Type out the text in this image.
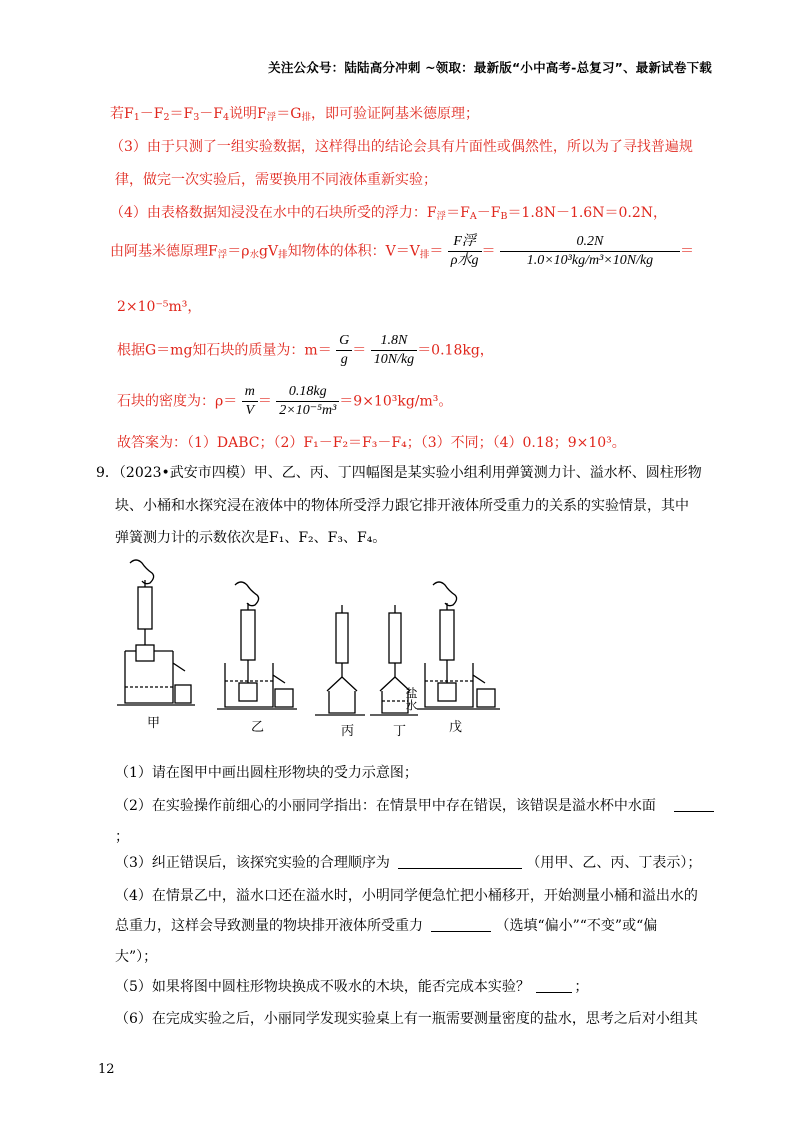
关注公众号：陆陆高分冲刺 ~领取：最新版“小中高考-总复习”、最新试卷下载
若$F_1-F_2=F_3-F_4$说明$F_浮=G_排$，即可验证阿基米德原理；
（3）由于只测了一组实验数据，这样得出的结论会具有片面性或偶然性，所以为了寻找普遍规
律，做完一次实验后，需要换用不同液体重新实验；
（4）由表格数据知浸没在水中的石块所受的浮力：$F_浮=F_A-F_B=1.8N-1.6N=0.2N$，
由阿基米德原理$F_浮=\rho_水gV_排$知物体的体积：$V=V_排= \frac{\text{F浮}}{\text{ρ水g}} = \frac{0.2N}{\text{1.0×10³kg/m³×10N/kg}}$ ＝
2×10⁻⁵m³，
根据G＝mg知石块的质量为：$m= \frac{G}{g} = \frac{1.8N}{10N/kg} =0.18kg$，
石块的密度为：$\rho= \frac{m}{V} = \frac{0.18kg}{\text{2×10⁻⁵m³}} =9\times 10^3kg/m^3$。
故答案为：（1）DABC；（2）F₁－F₂＝F₃－F₄；（3）不同；（4）0.18；9×10³。
9．（2023•武安市四模）甲、乙、丙、丁四幅图是某实验小组利用弹簧测力计、溢水杯、圆柱形物
块、小桶和水探究浸在液体中的物体所受浮力跟它排开液体所受重力的关系的实验情景，其中
弹簧测力计的示数依次是F₁、F₂、F₃、F₄。
甲	乙	丙	丁	戊
盐水
（1）请在图甲中画出圆柱形物块的受力示意图；
（2）在实验操作前细心的小丽同学指出：在情景甲中存在错误，该错误是溢水杯中水面
；
（3）纠正错误后，该探究实验的合理顺序为	（用甲、乙、丙、丁表示）；
（4）在情景乙中，溢水口还在溢水时，小明同学便急忙把小桶移开，开始测量小桶和溢出水的
总重力，这样会导致测量的物块排开液体所受重力	（选填“偏小”“不变”或“偏
大”）；
（5）如果将图中圆柱形物块换成不吸水的木块，能否完成本实验？	；
（6）在完成实验之后，小丽同学发现实验桌上有一瓶需要测量密度的盐水，思考之后对小组其
12
